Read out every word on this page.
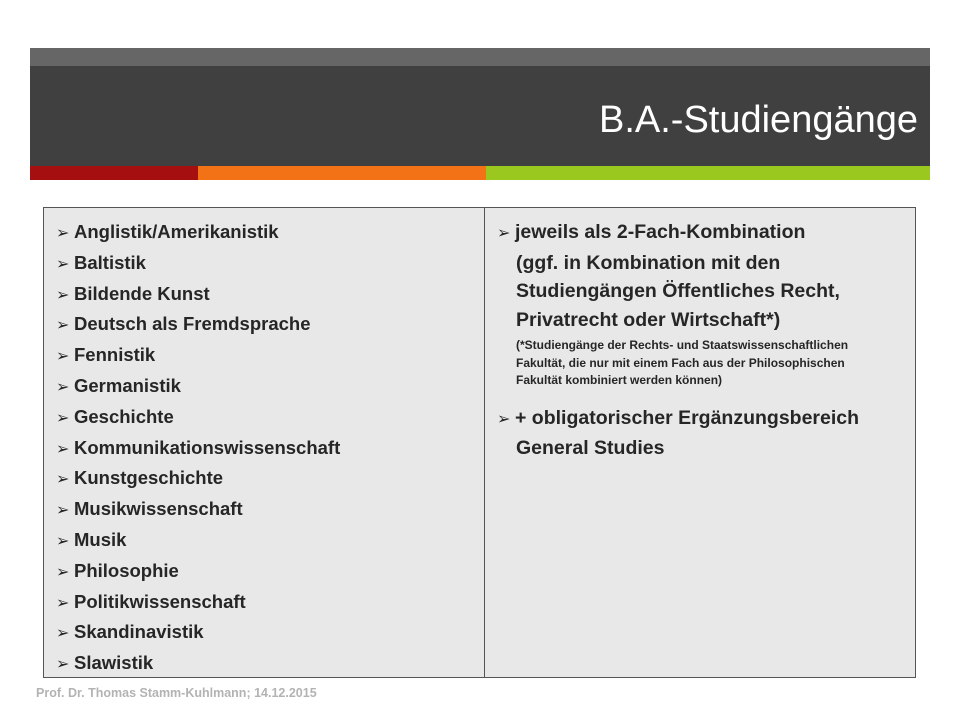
B.A.-Studiengänge
➢ Anglistik/Amerikanistik
➢ Baltistik
➢ Bildende Kunst
➢ Deutsch als Fremdsprache
➢ Fennistik
➢ Germanistik
➢ Geschichte
➢ Kommunikationswissenschaft
➢ Kunstgeschichte
➢ Musikwissenschaft
➢ Musik
➢ Philosophie
➢ Politikwissenschaft
➢ Skandinavistik
➢ Slawistik
➢ jeweils als 2-Fach-Kombination
(ggf. in Kombination mit den
Studiengängen Öffentliches Recht,
Privatrecht oder Wirtschaft*)
(*Studiengänge der Rechts- und Staatswissenschaftlichen
Fakultät, die nur mit einem Fach aus der Philosophischen
Fakultät kombiniert werden können)
➢ + obligatorischer Ergänzungsbereich
General Studies
Prof. Dr. Thomas Stamm-Kuhlmann; 14.12.2015
